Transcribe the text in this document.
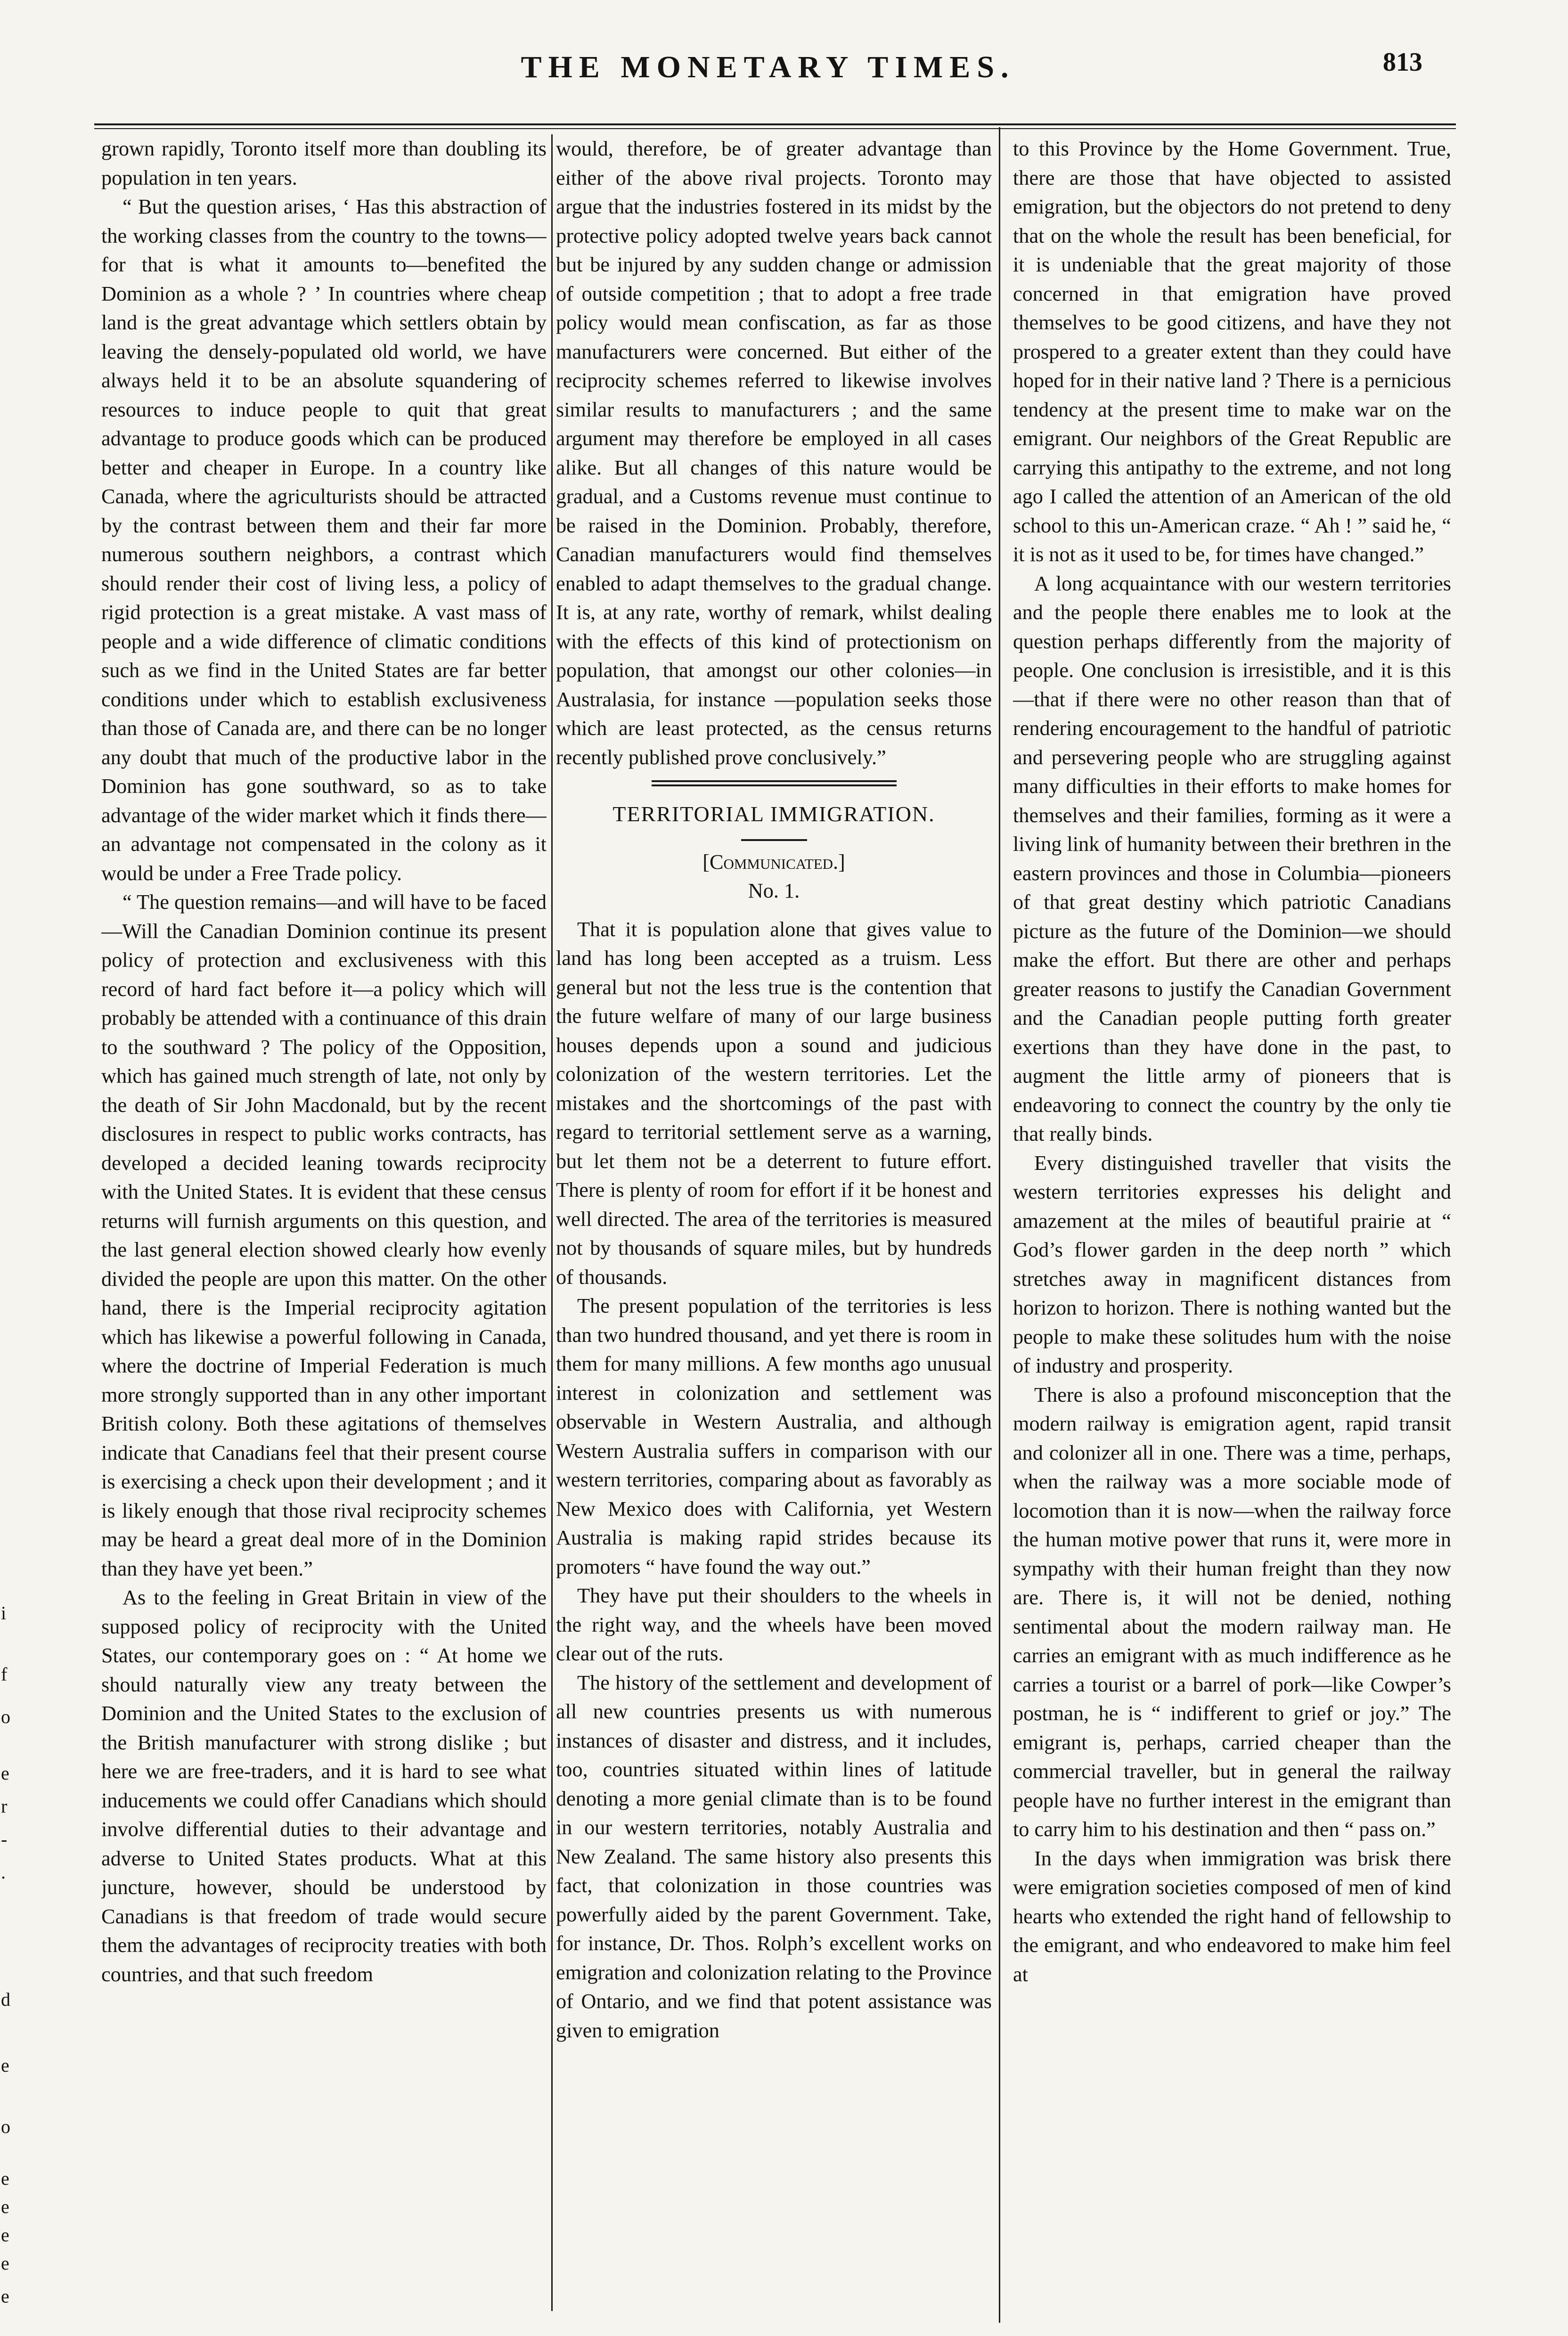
THE MONETARY TIMES.	813
i
f
o
e
r
-
.
d
e
o
e
e
e
e
e

grown rapidly, Toronto itself more than doubling its population in ten years.

“ But the question arises, ‘ Has this abstraction of the working classes from the country to the towns—for that is what it amounts to—benefited the Dominion as a whole ? ’ In countries where cheap land is the great advantage which settlers obtain by leaving the densely-populated old world, we have always held it to be an absolute squandering of resources to induce people to quit that great advantage to produce goods which can be produced better and cheaper in Europe. In a country like Canada, where the agriculturists should be attracted by the contrast between them and their far more numerous southern neighbors, a contrast which should render their cost of living less, a policy of rigid protection is a great mistake. A vast mass of people and a wide difference of climatic conditions such as we find in the United States are far better conditions under which to establish exclusiveness than those of Canada are, and there can be no longer any doubt that much of the productive labor in the Dominion has gone southward, so as to take advantage of the wider market which it finds there—an advantage not compensated in the colony as it would be under a Free Trade policy.

“ The question remains—and will have to be faced—Will the Canadian Dominion continue its present policy of protection and exclusiveness with this record of hard fact before it—a policy which will probably be attended with a continuance of this drain to the southward ? The policy of the Opposition, which has gained much strength of late, not only by the death of Sir John Macdonald, but by the recent disclosures in respect to public works contracts, has developed a decided leaning towards reciprocity with the United States. It is evident that these census returns will furnish arguments on this question, and the last general election showed clearly how evenly divided the people are upon this matter. On the other hand, there is the Imperial reciprocity agitation which has likewise a powerful following in Canada, where the doctrine of Imperial Federation is much more strongly supported than in any other important British colony. Both these agitations of themselves indicate that Canadians feel that their present course is exercising a check upon their development ; and it is likely enough that those rival reciprocity schemes may be heard a great deal more of in the Dominion than they have yet been.”

As to the feeling in Great Britain in view of the supposed policy of reciprocity with the United States, our contemporary goes on : “ At home we should naturally view any treaty between the Dominion and the United States to the exclusion of the British manufacturer with strong dislike ; but here we are free-traders, and it is hard to see what inducements we could offer Canadians which should involve differential duties to their advantage and adverse to United States products. What at this juncture, however, should be understood by Canadians is that freedom of trade would secure them the advantages of reciprocity treaties with both countries, and that such freedom

would, therefore, be of greater advantage than either of the above rival projects. Toronto may argue that the industries fostered in its midst by the protective policy adopted twelve years back cannot but be injured by any sudden change or admission of outside competition ; that to adopt a free trade policy would mean confiscation, as far as those manufacturers were concerned. But either of the reciprocity schemes referred to likewise involves similar results to manufacturers ; and the same argument may therefore be employed in all cases alike. But all changes of this nature would be gradual, and a Customs revenue must continue to be raised in the Dominion. Probably, therefore, Canadian manufacturers would find themselves enabled to adapt themselves to the gradual change. It is, at any rate, worthy of remark, whilst dealing with the effects of this kind of protectionism on population, that amongst our other colonies—in Australasia, for instance —population seeks those which are least protected, as the census returns recently published prove conclusively.”

TERRITORIAL IMMIGRATION.
[Communicated.]
No. 1.

That it is population alone that gives value to land has long been accepted as a truism. Less general but not the less true is the contention that the future welfare of many of our large business houses depends upon a sound and judicious colonization of the western territories. Let the mistakes and the shortcomings of the past with regard to territorial settlement serve as a warning, but let them not be a deterrent to future effort. There is plenty of room for effort if it be honest and well directed. The area of the territories is measured not by thousands of square miles, but by hundreds of thousands.

The present population of the territories is less than two hundred thousand, and yet there is room in them for many millions. A few months ago unusual interest in colonization and settlement was observable in Western Australia, and although Western Australia suffers in comparison with our western territories, comparing about as favorably as New Mexico does with California, yet Western Australia is making rapid strides because its promoters “ have found the way out.”

They have put their shoulders to the wheels in the right way, and the wheels have been moved clear out of the ruts.

The history of the settlement and development of all new countries presents us with numerous instances of disaster and distress, and it includes, too, countries situated within lines of latitude denoting a more genial climate than is to be found in our western territories, notably Australia and New Zealand. The same history also presents this fact, that colonization in those countries was powerfully aided by the parent Government. Take, for instance, Dr. Thos. Rolph’s excellent works on emigration and colonization relating to the Province of Ontario, and we find that potent assistance was given to emigration

to this Province by the Home Government. True, there are those that have objected to assisted emigration, but the objectors do not pretend to deny that on the whole the result has been beneficial, for it is undeniable that the great majority of those concerned in that emigration have proved themselves to be good citizens, and have they not prospered to a greater extent than they could have hoped for in their native land ? There is a pernicious tendency at the present time to make war on the emigrant. Our neighbors of the Great Republic are carrying this antipathy to the extreme, and not long ago I called the attention of an American of the old school to this un-American craze. “ Ah ! ” said he, “ it is not as it used to be, for times have changed.”

A long acquaintance with our western territories and the people there enables me to look at the question perhaps differently from the majority of people. One conclusion is irresistible, and it is this—that if there were no other reason than that of rendering encouragement to the handful of patriotic and persevering people who are struggling against many difficulties in their efforts to make homes for themselves and their families, forming as it were a living link of humanity between their brethren in the eastern provinces and those in Columbia—pioneers of that great destiny which patriotic Canadians picture as the future of the Dominion—we should make the effort. But there are other and perhaps greater reasons to justify the Canadian Government and the Canadian people putting forth greater exertions than they have done in the past, to augment the little army of pioneers that is endeavoring to connect the country by the only tie that really binds.

Every distinguished traveller that visits the western territories expresses his delight and amazement at the miles of beautiful prairie at “ God’s flower garden in the deep north ” which stretches away in magnificent distances from horizon to horizon. There is nothing wanted but the people to make these solitudes hum with the noise of industry and prosperity.

There is also a profound misconception that the modern railway is emigration agent, rapid transit and colonizer all in one. There was a time, perhaps, when the railway was a more sociable mode of locomotion than it is now—when the railway force the human motive power that runs it, were more in sympathy with their human freight than they now are. There is, it will not be denied, nothing sentimental about the modern railway man. He carries an emigrant with as much indifference as he carries a tourist or a barrel of pork—like Cowper’s postman, he is “ indifferent to grief or joy.” The emigrant is, perhaps, carried cheaper than the commercial traveller, but in general the railway people have no further interest in the emigrant than to carry him to his destination and then “ pass on.”

In the days when immigration was brisk there were emigration societies composed of men of kind hearts who extended the right hand of fellowship to the emigrant, and who endeavored to make him feel at
